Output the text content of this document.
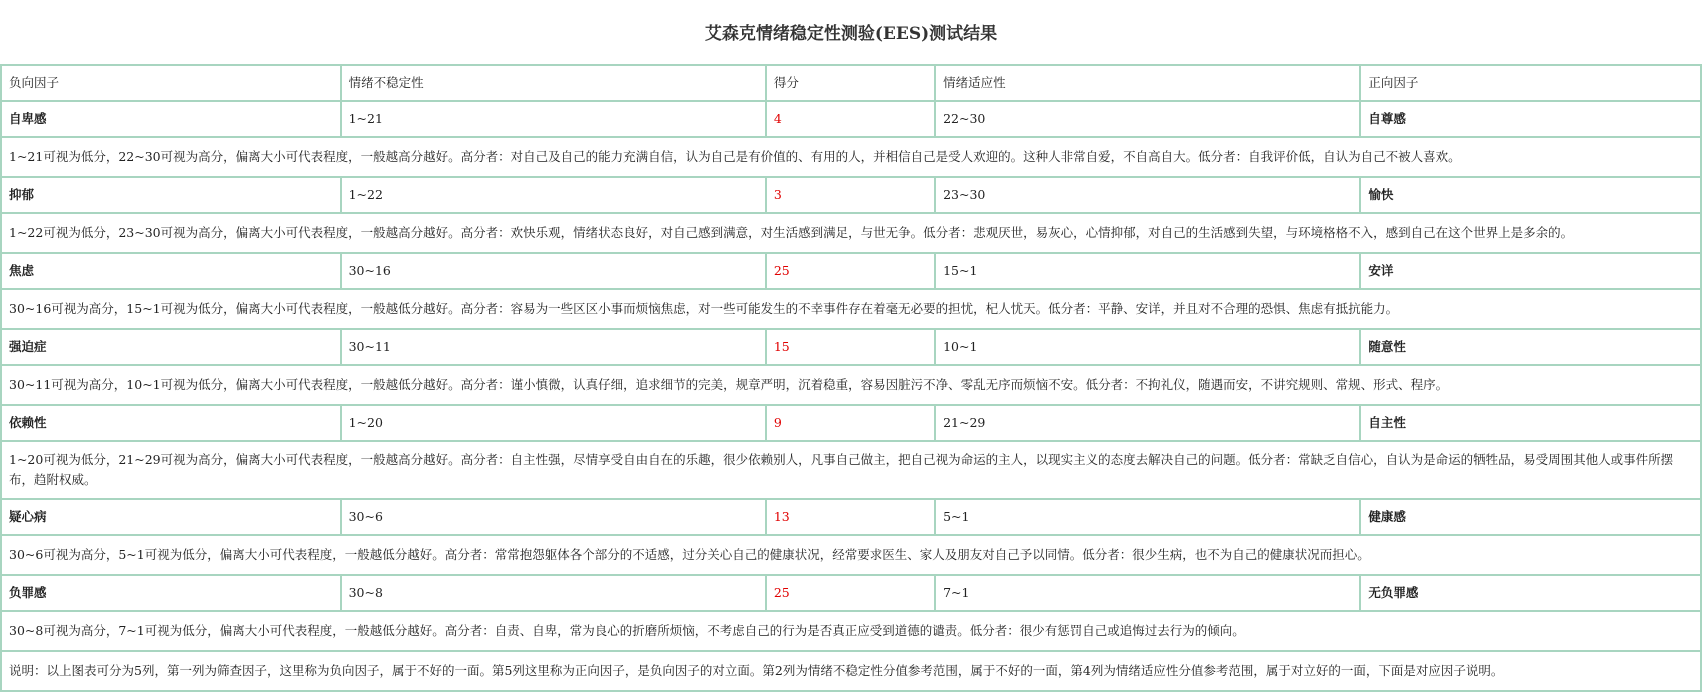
艾森克情绪稳定性测验(EES)测试结果
负向因子	情绪不稳定性	得分	情绪适应性	正向因子
自卑感	1~21	4	22~30	自尊感
1~21可视为低分，22~30可视为高分，偏离大小可代表程度，一般越高分越好。高分者：对自己及自己的能力充满自信，认为自己是有价值的、有用的人，并相信自己是受人欢迎的。这种人非常自爱，不自高自大。低分者：自我评价低，自认为自己不被人喜欢。				
抑郁	1~22	3	23~30	愉快
1~22可视为低分，23~30可视为高分，偏离大小可代表程度，一般越高分越好。高分者：欢快乐观，情绪状态良好，对自己感到满意，对生活感到满足，与世无争。低分者：悲观厌世，易灰心，心情抑郁，对自己的生活感到失望，与环境格格不入，感到自己在这个世界上是多余的。				
焦虑	30~16	25	15~1	安详
30~16可视为高分，15~1可视为低分，偏离大小可代表程度，一般越低分越好。高分者：容易为一些区区小事而烦恼焦虑，对一些可能发生的不幸事件存在着毫无必要的担忧，杞人忧天。低分者：平静、安详，并且对不合理的恐惧、焦虑有抵抗能力。				
强迫症	30~11	15	10~1	随意性
30~11可视为高分，10~1可视为低分，偏离大小可代表程度，一般越低分越好。高分者：谨小慎微，认真仔细，追求细节的完美，规章严明，沉着稳重，容易因脏污不净、零乱无序而烦恼不安。低分者：不拘礼仪，随遇而安，不讲究规则、常规、形式、程序。				
依赖性	1~20	9	21~29	自主性
1~20可视为低分，21~29可视为高分，偏离大小可代表程度，一般越高分越好。高分者：自主性强，尽情享受自由自在的乐趣，很少依赖别人，凡事自己做主，把自己视为命运的主人，以现实主义的态度去解决自己的问题。低分者：常缺乏自信心，自认为是命运的牺牲品，易受周围其他人或事件所摆布，趋附权威。				
疑心病	30~6	13	5~1	健康感
30~6可视为高分，5~1可视为低分，偏离大小可代表程度，一般越低分越好。高分者：常常抱怨躯体各个部分的不适感，过分关心自己的健康状况，经常要求医生、家人及朋友对自己予以同情。低分者：很少生病，也不为自己的健康状况而担心。				
负罪感	30~8	25	7~1	无负罪感
30~8可视为高分，7~1可视为低分，偏离大小可代表程度，一般越低分越好。高分者：自责、自卑，常为良心的折磨所烦恼，不考虑自己的行为是否真正应受到道德的谴责。低分者：很少有惩罚自己或追悔过去行为的倾向。				
说明：以上图表可分为5列，第一列为筛查因子，这里称为负向因子，属于不好的一面。第5列这里称为正向因子，是负向因子的对立面。第2列为情绪不稳定性分值参考范围，属于不好的一面，第4列为情绪适应性分值参考范围，属于对立好的一面，下面是对应因子说明。				
